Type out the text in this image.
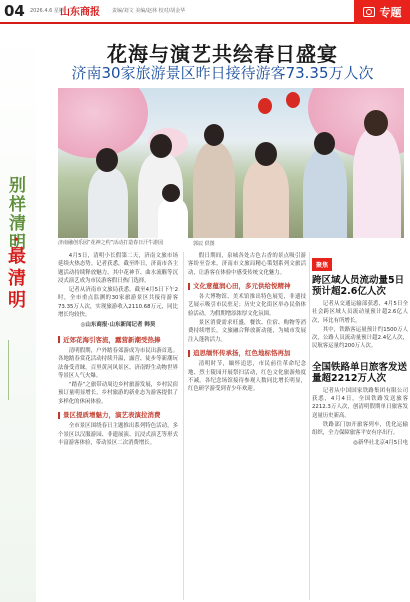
04 2026.4.6 星期一
山东商报 责编/刘文 美编/赵林 校对/胡金华	专题
别样清明
·最清明
花海与演艺共绘春日盛宴
济南30家旅游景区昨日接待游客73.35万人次
济南融创乐园“花神之约”活动打造春日汗牛游园	郭辰 供图

4月5日，清明小长假第二天，济南文旅市场延续火热态势。记者获悉，截至昨日，济南市各主题活动持续释放魅力，其中花神节、曲水流觞等沉浸式演艺成为市民游客假日热门选择。

记者从济南市文旅局获悉，截至4月5日下午2时，全市重点监测的30家旅游景区共接待游客73.35万人次，实现旅游收入2110.68万元，同比增长均较快。

◎山东商报·山东新闻记者 韩昊
近郊花海引客流，露营新潮受热捧

清明假期，户外踏春郊游成为市民出游首选。各地踏春赏花活动持续升温，露营、徒步等新潮玩法备受青睐。百里黄河风景区、济南野生动物世界等景区人气火爆。

“踏春”之旅带动周边乡村旅游发展，乡村民宿预订量明显增长，乡村旅游的新业态为游客提供了多样化的休闲体验。

景区提质增魅力，演艺表演拉消费

全市景区围绕春日主题推出系列特色活动，多个景区以汉服游园、非遗展演、沉浸式演艺等形式丰富游客体验，带动景区二次消费增长。

假日期间，泉城各处古色古香的景点吸引游客纷至沓来，济南市文旅局精心策划系列文旅活动，让游客在体验中感受传统文化魅力。

文化意蕴润心田，多元供给悦精神

各大博物馆、美术馆推出特色展览，非遗技艺展示吸引市民驻足；历史文化街区举办民俗体验活动，为假期增添浓厚文化氛围。

景区消费需求旺盛，餐饮、住宿、购物等消费持续增长，文旅融合释放新动能，为城市发展注入蓬勃活力。

追思缅怀传承扬，红色地标恪再加

清明时节，缅怀追思，市民前往革命纪念地、烈士陵园开展祭扫活动，红色文化旅游热度不减。各纪念场馆接待参观人数同比增长明显，红色研学游受到青少年欢迎。

聚焦
跨区域人员流动量5日预计超2.6亿人次

记者从交通运输部获悉，4月5日全社会跨区域人员流动量预计超2.6亿人次，环比有所增长。

其中，铁路客运量预计约1500万人次，公路人员流动量预计超2.4亿人次，民航客运量约200万人次。

全国铁路单日旅客发送量超2212万人次

记者从中国国家铁路集团有限公司获悉，4月4日，全国铁路发送旅客2212.3万人次，创清明假期单日旅客发送量历史新高。

铁路部门加开旅客列车，优化运输组织，全力保障旅客平安有序出行。

◎新华社北京4月5日电
